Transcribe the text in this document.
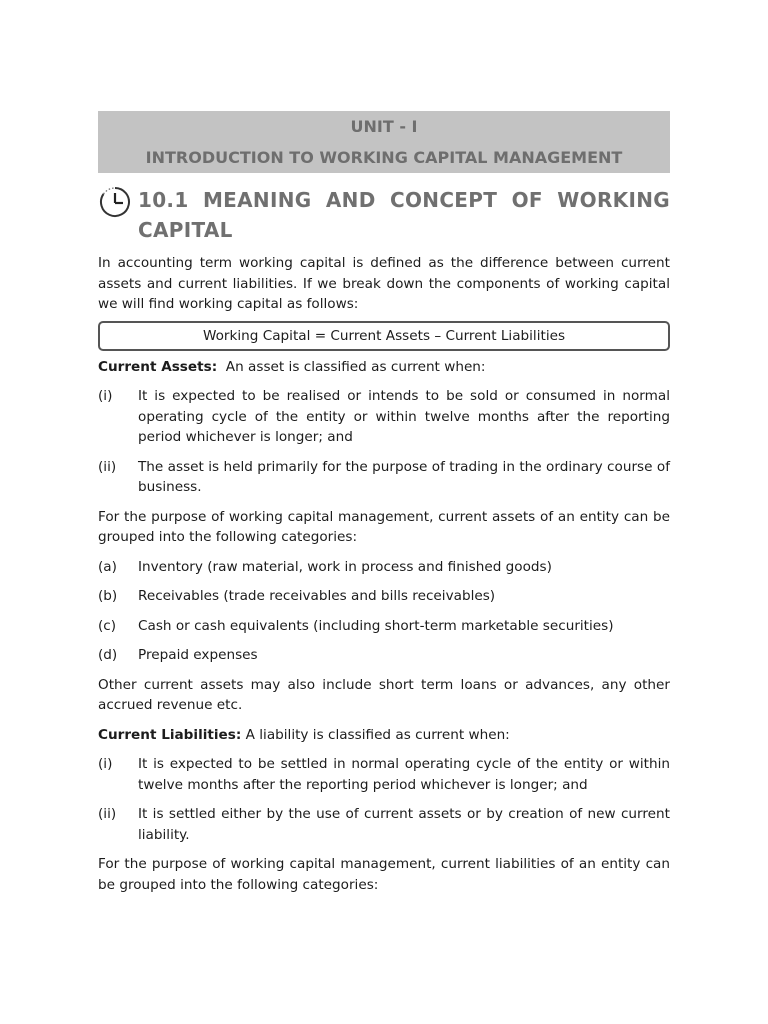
UNIT - I
INTRODUCTION TO WORKING CAPITAL MANAGEMENT
10.1 MEANING AND CONCEPT OF WORKING
CAPITAL

In accounting term working capital is defined as the difference between current assets and current liabilities. If we break down the components of working capital we will find working capital as follows:

Working Capital = Current Assets – Current Liabilities

Current Assets: An asset is classified as current when:

(i)	It is expected to be realised or intends to be sold or consumed in normal operating cycle of the entity or within twelve months after the reporting period whichever is longer; and
(ii)	The asset is held primarily for the purpose of trading in the ordinary course of business.

For the purpose of working capital management, current assets of an entity can be grouped into the following categories:

(a)	Inventory (raw material, work in process and finished goods)
(b)	Receivables (trade receivables and bills receivables)
(c)	Cash or cash equivalents (including short-term marketable securities)
(d)	Prepaid expenses

Other current assets may also include short term loans or advances, any other accrued revenue etc.

Current Liabilities: A liability is classified as current when:

(i)	It is expected to be settled in normal operating cycle of the entity or within twelve months after the reporting period whichever is longer; and
(ii)	It is settled either by the use of current assets or by creation of new current liability.

For the purpose of working capital management, current liabilities of an entity can be grouped into the following categories:
